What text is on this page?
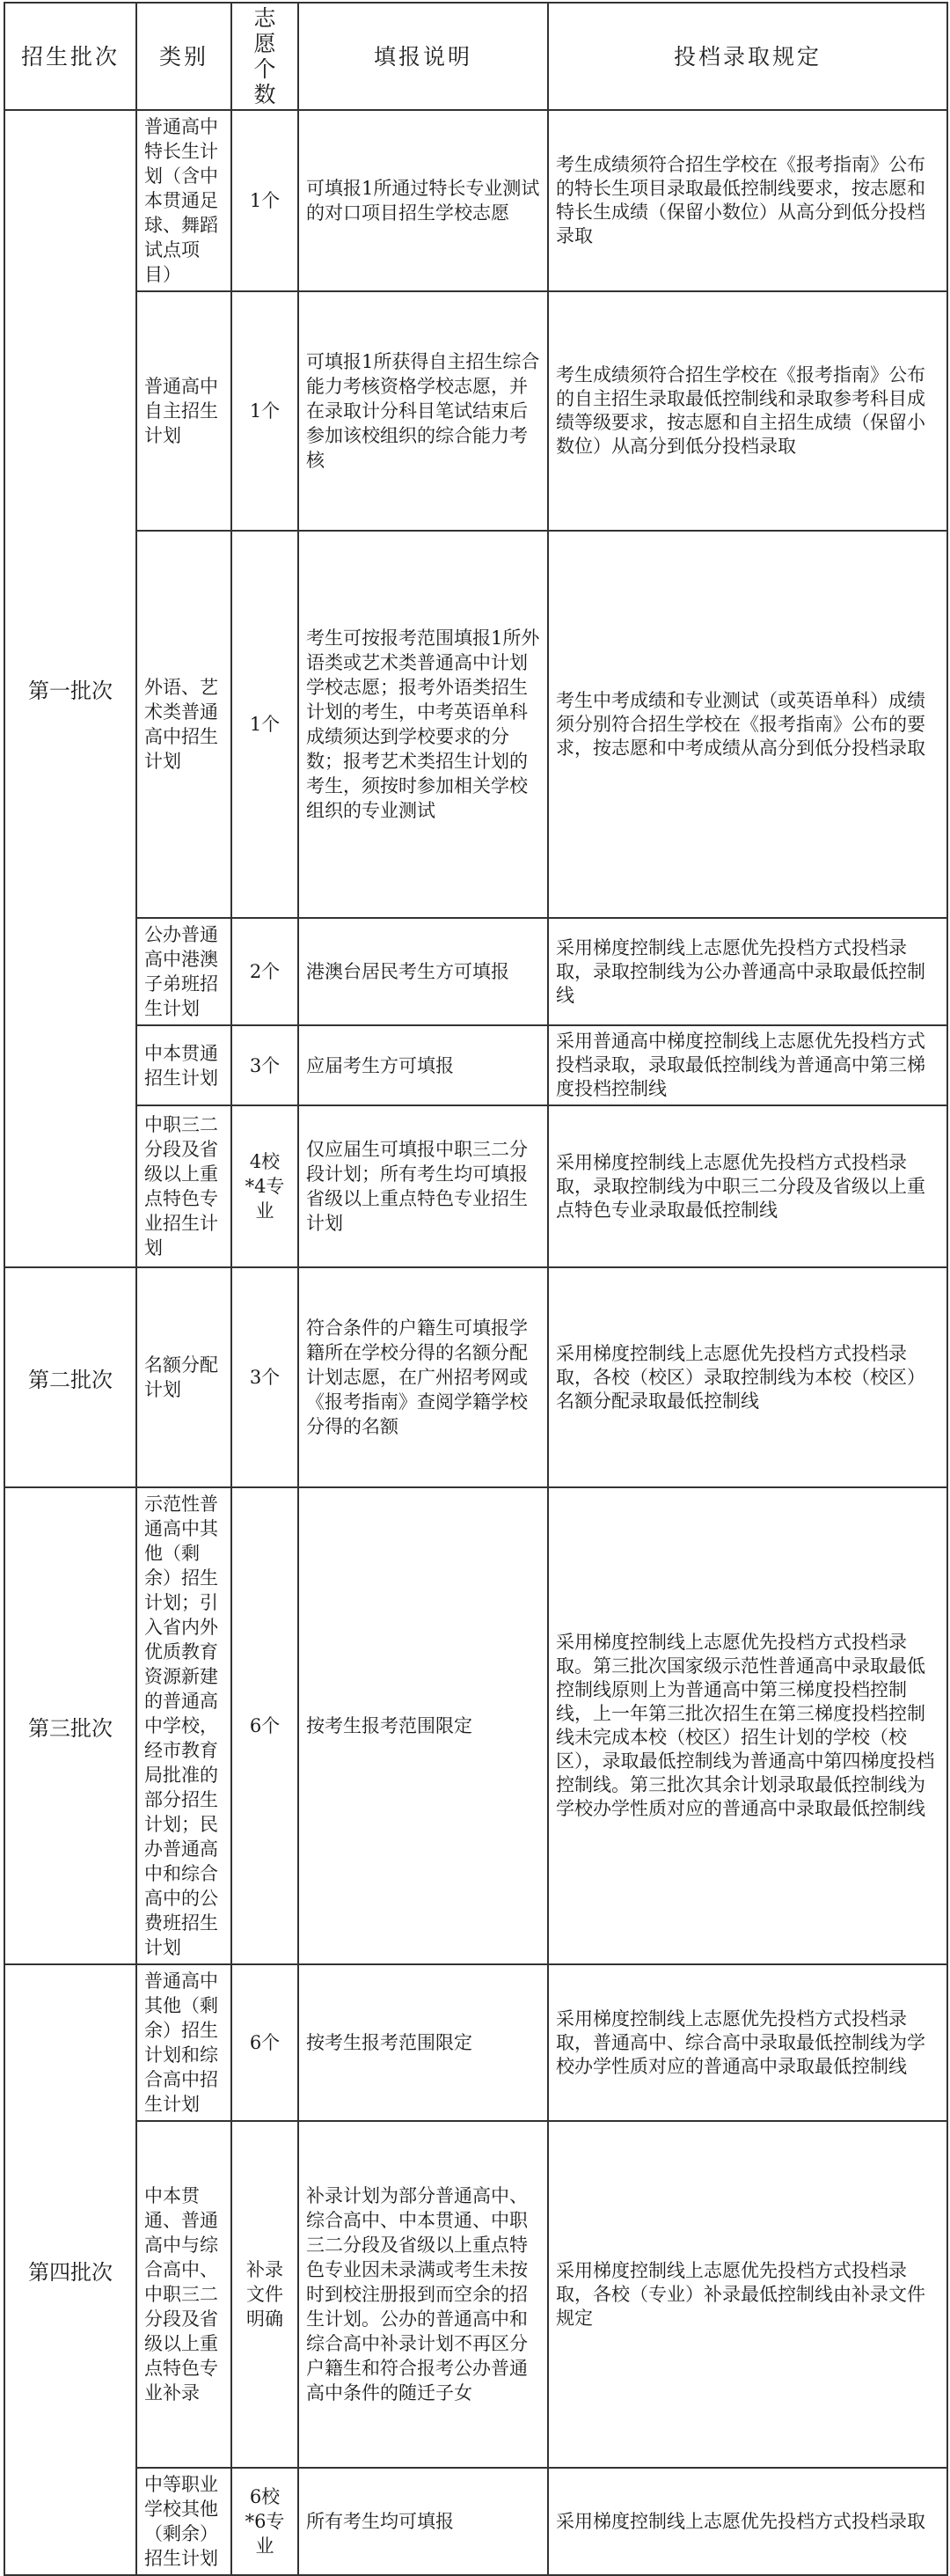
招生批次	类别	志愿个数	填报说明	投档录取规定
第一批次	普通高中特长生计划（含中本贯通足球、舞蹈试点项目）	1个	可填报1所通过特长专业测试的对口项目招生学校志愿	考生成绩须符合招生学校在《报考指南》公布的特长生项目录取最低控制线要求，按志愿和特长生成绩（保留小数位）从高分到低分投档录取
	普通高中自主招生计划	1个	可填报1所获得自主招生综合能力考核资格学校志愿，并在录取计分科目笔试结束后参加该校组织的综合能力考核	考生成绩须符合招生学校在《报考指南》公布的自主招生录取最低控制线和录取参考科目成绩等级要求，按志愿和自主招生成绩（保留小数位）从高分到低分投档录取
	外语、艺术类普通高中招生计划	1个	考生可按报考范围填报1所外语类或艺术类普通高中计划学校志愿；报考外语类招生计划的考生，中考英语单科成绩须达到学校要求的分数；报考艺术类招生计划的考生，须按时参加相关学校组织的专业测试	考生中考成绩和专业测试（或英语单科）成绩须分别符合招生学校在《报考指南》公布的要求，按志愿和中考成绩从高分到低分投档录取
	公办普通高中港澳子弟班招生计划	2个	港澳台居民考生方可填报	采用梯度控制线上志愿优先投档方式投档录取，录取控制线为公办普通高中录取最低控制线
	中本贯通招生计划	3个	应届考生方可填报	采用普通高中梯度控制线上志愿优先投档方式投档录取，录取最低控制线为普通高中第三梯度投档控制线
	中职三二分段及省级以上重点特色专业招生计划	4校*4专业	仅应届生可填报中职三二分段计划；所有考生均可填报省级以上重点特色专业招生计划	采用梯度控制线上志愿优先投档方式投档录取，录取控制线为中职三二分段及省级以上重点特色专业录取最低控制线
第二批次	名额分配计划	3个	符合条件的户籍生可填报学籍所在学校分得的名额分配计划志愿，在广州招考网或《报考指南》查阅学籍学校分得的名额	采用梯度控制线上志愿优先投档方式投档录取，各校（校区）录取控制线为本校（校区）名额分配录取最低控制线
第三批次	示范性普通高中其他（剩余）招生计划；引入省内外优质教育资源新建的普通高中学校，经市教育局批准的部分招生计划；民办普通高中和综合高中的公费班招生计划	6个	按考生报考范围限定	采用梯度控制线上志愿优先投档方式投档录取。第三批次国家级示范性普通高中录取最低控制线原则上为普通高中第三梯度投档控制线，上一年第三批次招生在第三梯度投档控制线未完成本校（校区）招生计划的学校（校区），录取最低控制线为普通高中第四梯度投档控制线。第三批次其余计划录取最低控制线为学校办学性质对应的普通高中录取最低控制线
第四批次	普通高中其他（剩余）招生计划和综合高中招生计划	6个	按考生报考范围限定	采用梯度控制线上志愿优先投档方式投档录取，普通高中、综合高中录取最低控制线为学校办学性质对应的普通高中录取最低控制线
	中本贯通、普通高中与综合高中、中职三二分段及省级以上重点特色专业补录	补录文件明确	补录计划为部分普通高中、综合高中、中本贯通、中职三二分段及省级以上重点特色专业因未录满或考生未按时到校注册报到而空余的招生计划。公办的普通高中和综合高中补录计划不再区分户籍生和符合报考公办普通高中条件的随迁子女	采用梯度控制线上志愿优先投档方式投档录取，各校（专业）补录最低控制线由补录文件规定
	中等职业学校其他（剩余）招生计划	6校*6专业	所有考生均可填报	采用梯度控制线上志愿优先投档方式投档录取
